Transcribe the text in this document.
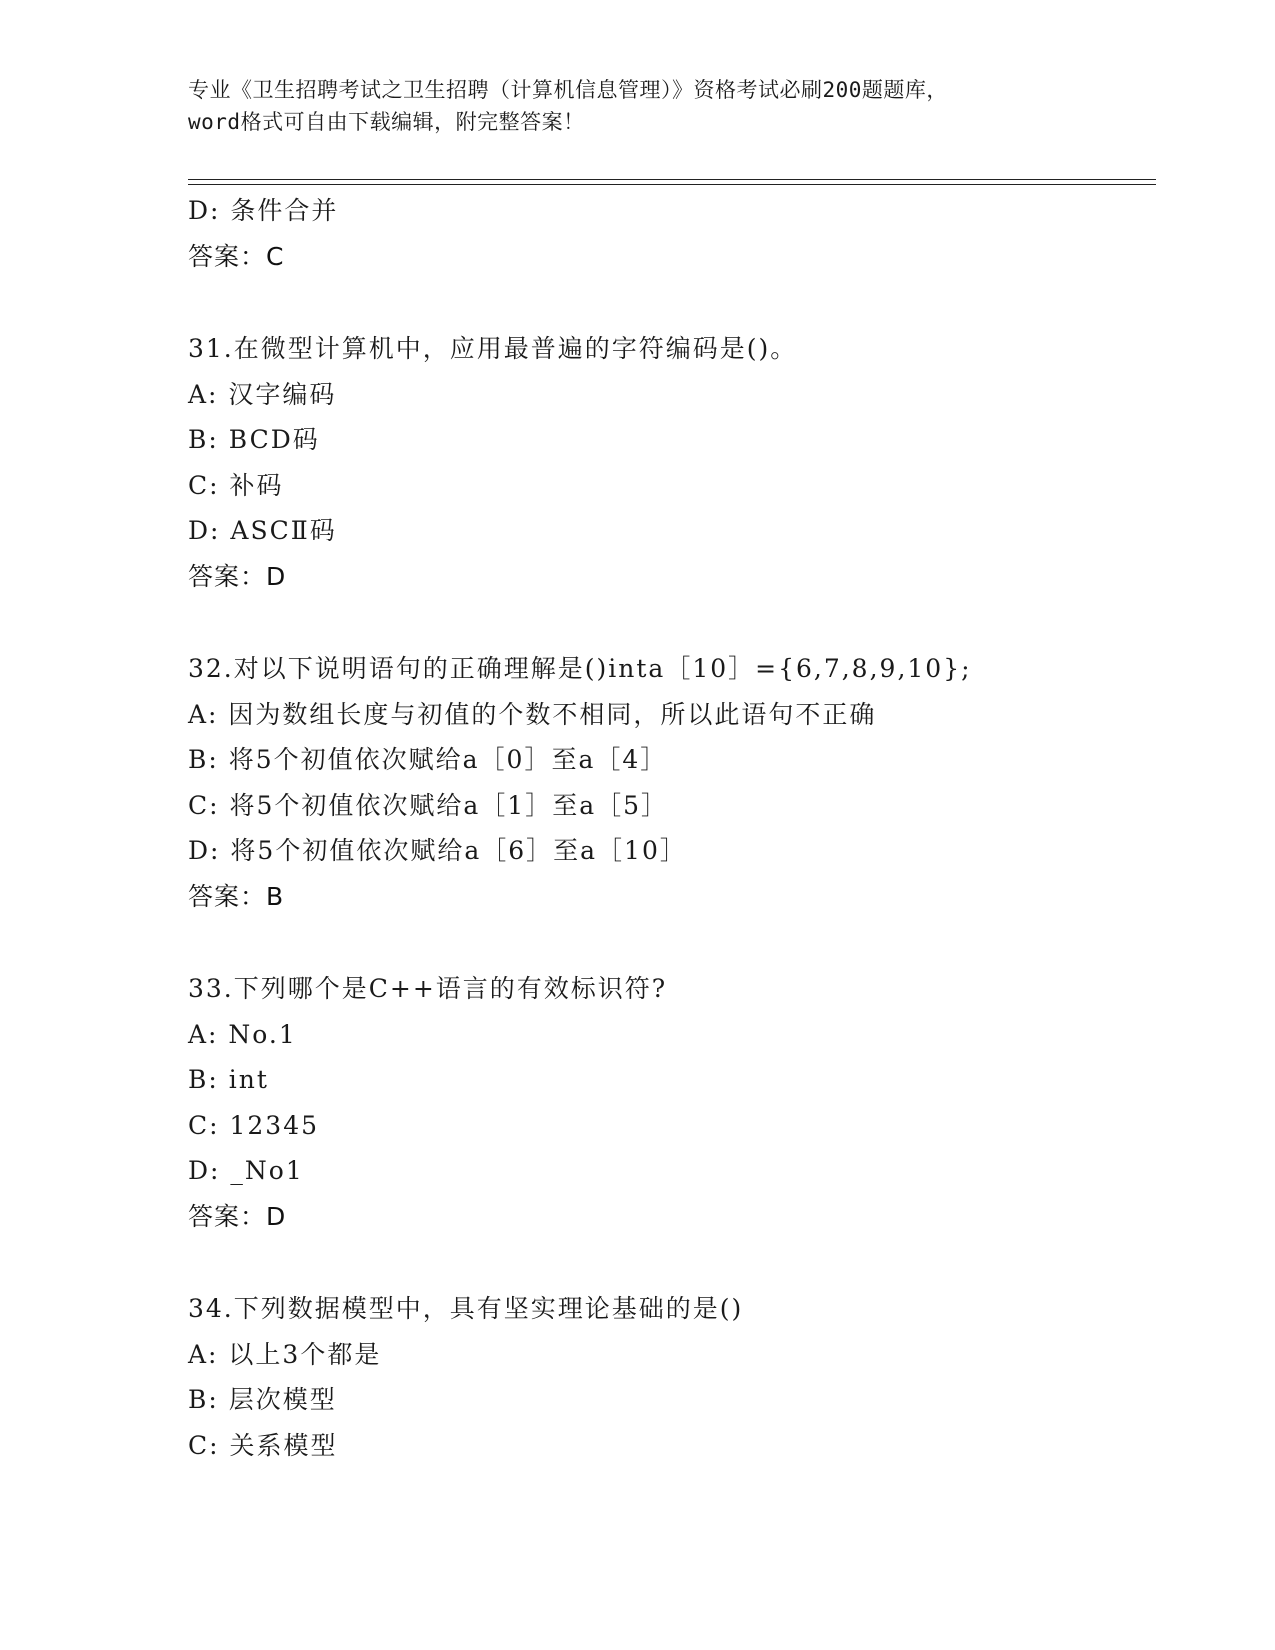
专业《卫生招聘考试之卫生招聘（计算机信息管理）》资格考试必刷200题题库，
word格式可自由下载编辑，附完整答案！
D: 条件合并
答案：C
31.在微型计算机中，应用最普遍的字符编码是()。
A: 汉字编码
B: BCD码
C: 补码
D: ASCⅡ码
答案：D
32.对以下说明语句的正确理解是()inta［10］={6,7,8,9,10};
A: 因为数组长度与初值的个数不相同，所以此语句不正确
B: 将5个初值依次赋给a［0］至a［4］
C: 将5个初值依次赋给a［1］至a［5］
D: 将5个初值依次赋给a［6］至a［10］
答案：B
33.下列哪个是C++语言的有效标识符?
A: No.1
B: int
C: 12345
D: _No1
答案：D
34.下列数据模型中，具有坚实理论基础的是()
A: 以上3个都是
B: 层次模型
C: 关系模型
